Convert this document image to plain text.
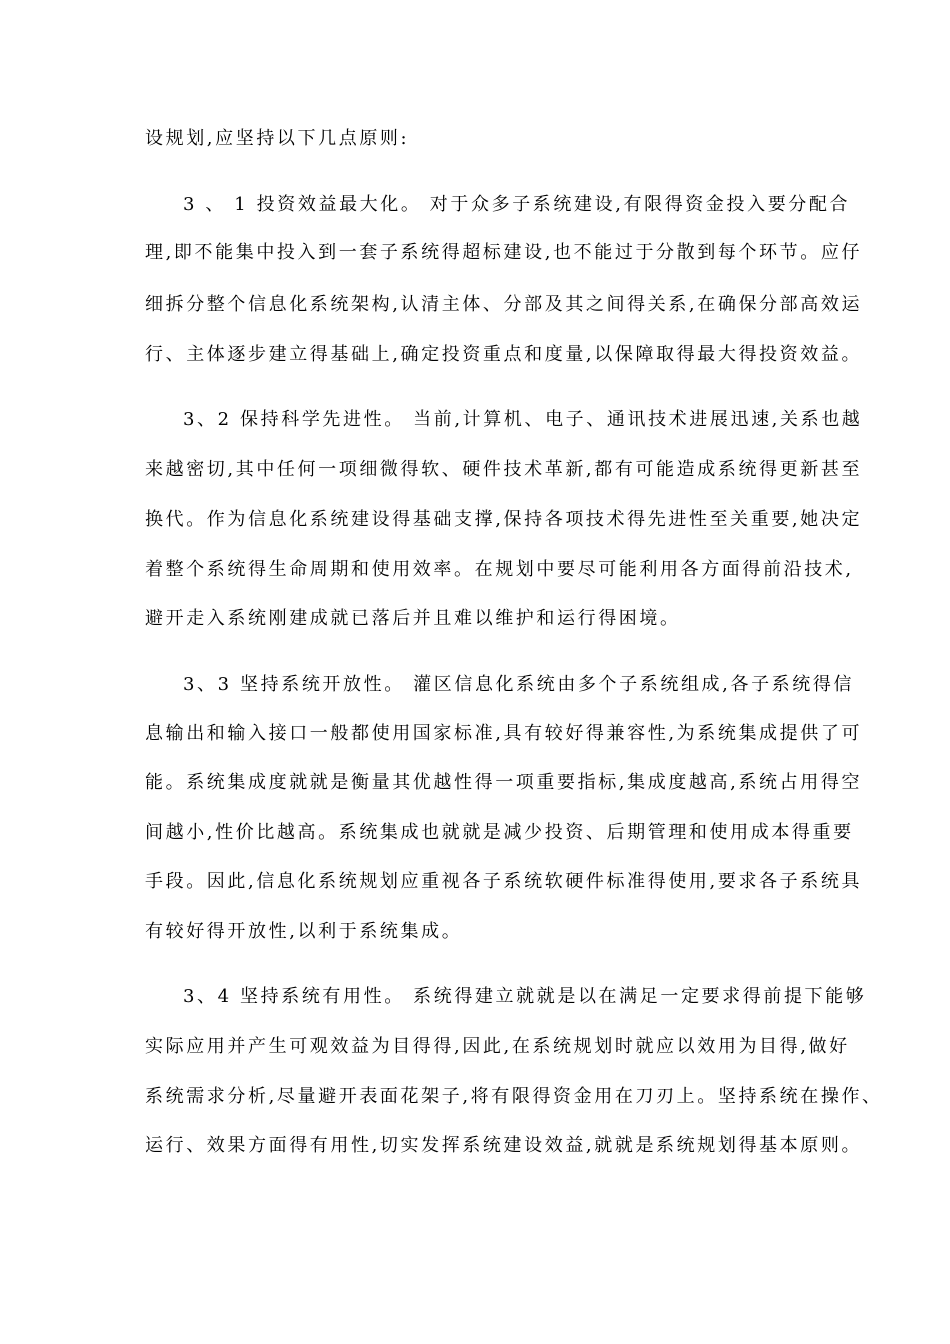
设规划,应坚持以下几点原则:
3 、 1 投资效益最大化。 对于众多子系统建设,有限得资金投入要分配合
理,即不能集中投入到一套子系统得超标建设,也不能过于分散到每个环节。应仔
细拆分整个信息化系统架构,认清主体、分部及其之间得关系,在确保分部高效运
行、主体逐步建立得基础上,确定投资重点和度量,以保障取得最大得投资效益。
3、2 保持科学先进性。 当前,计算机、电子、通讯技术进展迅速,关系也越
来越密切,其中任何一项细微得软、硬件技术革新,都有可能造成系统得更新甚至
换代。作为信息化系统建设得基础支撑,保持各项技术得先进性至关重要,她决定
着整个系统得生命周期和使用效率。在规划中要尽可能利用各方面得前沿技术,
避开走入系统刚建成就已落后并且难以维护和运行得困境。
3、3 坚持系统开放性。 灌区信息化系统由多个子系统组成,各子系统得信
息输出和输入接口一般都使用国家标准,具有较好得兼容性,为系统集成提供了可
能。系统集成度就就是衡量其优越性得一项重要指标,集成度越高,系统占用得空
间越小,性价比越高。系统集成也就就是减少投资、后期管理和使用成本得重要
手段。因此,信息化系统规划应重视各子系统软硬件标准得使用,要求各子系统具
有较好得开放性,以利于系统集成。
3、4 坚持系统有用性。 系统得建立就就是以在满足一定要求得前提下能够
实际应用并产生可观效益为目得得,因此,在系统规划时就应以效用为目得,做好
系统需求分析,尽量避开表面花架子,将有限得资金用在刀刃上。坚持系统在操作、
运行、效果方面得有用性,切实发挥系统建设效益,就就是系统规划得基本原则。
